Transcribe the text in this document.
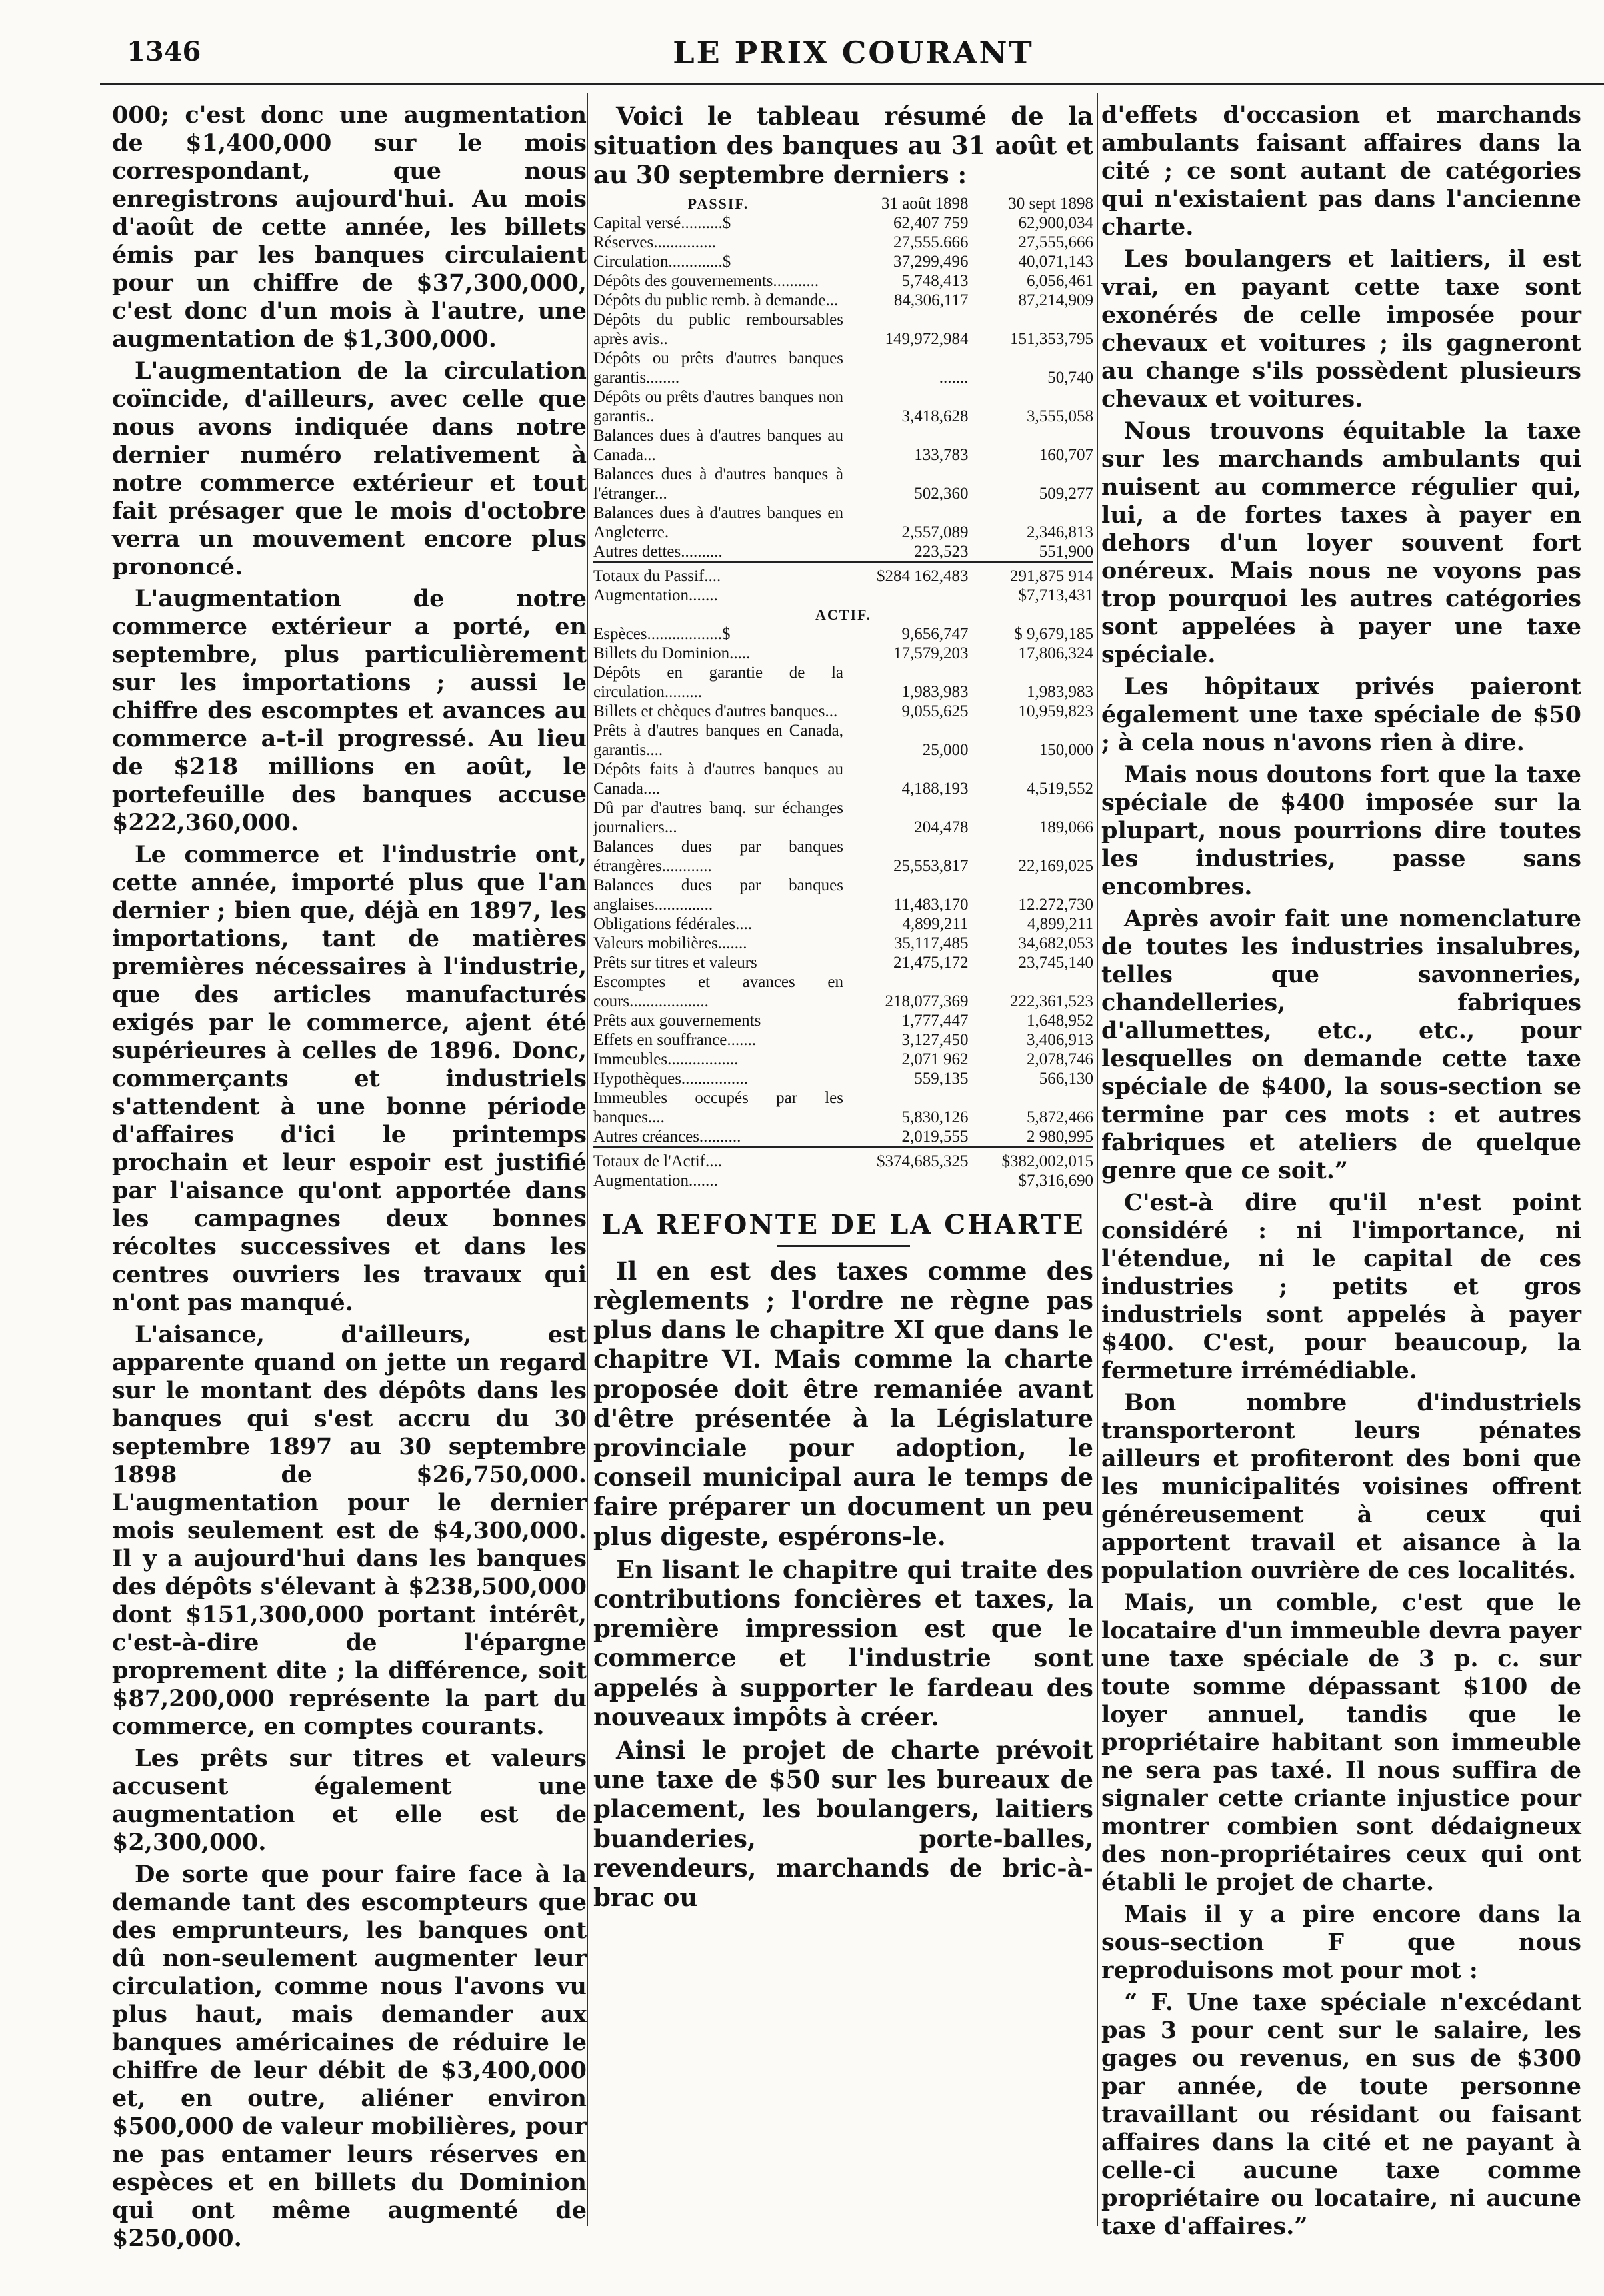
1346	LE PRIX COURANT

000; c'est donc une augmentation de $1,400,000 sur le mois correspondant, que nous enregistrons aujourd'hui. Au mois d'août de cette année, les billets émis par les banques circulaient pour un chiffre de $37,300,000, c'est donc d'un mois à l'autre, une augmentation de $1,300,000.

L'augmentation de la circulation coïncide, d'ailleurs, avec celle que nous avons indiquée dans notre dernier numéro relativement à notre commerce extérieur et tout fait présager que le mois d'octobre verra un mouvement encore plus prononcé.

L'augmentation de notre commerce extérieur a porté, en septembre, plus particulièrement sur les importations ; aussi le chiffre des escomptes et avances au commerce a-t-il progressé. Au lieu de $218 millions en août, le portefeuille des banques accuse $222,360,000.

Le commerce et l'industrie ont, cette année, importé plus que l'an dernier ; bien que, déjà en 1897, les importations, tant de matières premières nécessaires à l'industrie, que des articles manufacturés exigés par le commerce, ajent été supérieures à celles de 1896. Donc, commerçants et industriels s'attendent à une bonne période d'affaires d'ici le printemps prochain et leur espoir est justifié par l'aisance qu'ont apportée dans les campagnes deux bonnes récoltes successives et dans les centres ouvriers les travaux qui n'ont pas manqué.

L'aisance, d'ailleurs, est apparente quand on jette un regard sur le montant des dépôts dans les banques qui s'est accru du 30 septembre 1897 au 30 septembre 1898 de $26,750,000. L'augmentation pour le dernier mois seulement est de $4,300,000. Il y a aujourd'hui dans les banques des dépôts s'élevant à $238,500,000 dont $151,300,000 portant intérêt, c'est-à-dire de l'épargne proprement dite ; la différence, soit $87,200,000 représente la part du commerce, en comptes courants.

Les prêts sur titres et valeurs accusent également une augmentation et elle est de $2,300,000.

De sorte que pour faire face à la demande tant des escompteurs que des emprunteurs, les banques ont dû non-seulement augmenter leur circulation, comme nous l'avons vu plus haut, mais demander aux banques américaines de réduire le chiffre de leur débit de $3,400,000 et, en outre, aliéner environ $500,000 de valeur mobilières, pour ne pas entamer leurs réserves en espèces et en billets du Dominion qui ont même augmenté de $250,000.

Voici le tableau résumé de la situation des banques au 31 août et au 30 septembre derniers :

PASSIF.	31 août 1898	30 sept 1898
Capital versé..........$	62,407 759	62,900,034
Réserves...............	27,555.666	27,555,666
Circulation.............$	37,299,496	40,071,143
Dépôts des gouvernements...........	5,748,413	6,056,461
Dépôts du public remb. à demande...	84,306,117	87,214,909
Dépôts du public remboursables après avis..	149,972,984	151,353,795
Dépôts ou prêts d'autres banques garantis........	.......	50,740
Dépôts ou prêts d'autres banques non garantis..	3,418,628	3,555,058
Balances dues à d'autres banques au Canada...	133,783	160,707
Balances dues à d'autres banques à l'étranger...	502,360	509,277
Balances dues à d'autres banques en Angleterre.	2,557,089	2,346,813
Autres dettes..........	223,523	551,900

Totaux du Passif....	$284 162,483	291,875 914
Augmentation.......		$7,713,431
ACTIF.		
Espèces..................$	9,656,747	$ 9,679,185
Billets du Dominion.....	17,579,203	17,806,324
Dépôts en garantie de la circulation.........	1,983,983	1,983,983
Billets et chèques d'autres banques...	9,055,625	10,959,823
Prêts à d'autres banques en Canada, garantis....	25,000	150,000
Dépôts faits à d'autres banques au Canada....	4,188,193	4,519,552
Dû par d'autres banq. sur échanges journaliers...	204,478	189,066
Balances dues par banques étrangères............	25,553,817	22,169,025
Balances dues par banques anglaises..............	11,483,170	12.272,730
Obligations fédérales....	4,899,211	4,899,211
Valeurs mobilières.......	35,117,485	34,682,053
Prêts sur titres et valeurs	21,475,172	23,745,140
Escomptes et avances en cours...................	218,077,369	222,361,523
Prêts aux gouvernements	1,777,447	1,648,952
Effets en souffrance.......	3,127,450	3,406,913
Immeubles.................	2,071 962	2,078,746
Hypothèques................	559,135	566,130
Immeubles occupés par les banques....	5,830,126	5,872,466
Autres créances..........	2,019,555	2 980,995

Totaux de l'Actif....	$374,685,325	$382,002,015
Augmentation.......		$7,316,690
LA REFONTE DE LA CHARTE

Il en est des taxes comme des règlements ; l'ordre ne règne pas plus dans le chapitre XI que dans le chapitre VI. Mais comme la charte proposée doit être remaniée avant d'être présentée à la Législature provinciale pour adoption, le conseil municipal aura le temps de faire préparer un document un peu plus digeste, espérons-le.

En lisant le chapitre qui traite des contributions foncières et taxes, la première impression est que le commerce et l'industrie sont appelés à supporter le fardeau des nouveaux impôts à créer.

Ainsi le projet de charte prévoit une taxe de $50 sur les bureaux de placement, les boulangers, laitiers buanderies, porte-balles, revendeurs, marchands de bric-à-brac ou

d'effets d'occasion et marchands ambulants faisant affaires dans la cité ; ce sont autant de catégories qui n'existaient pas dans l'ancienne charte.

Les boulangers et laitiers, il est vrai, en payant cette taxe sont exonérés de celle imposée pour chevaux et voitures ; ils gagneront au change s'ils possèdent plusieurs chevaux et voitures.

Nous trouvons équitable la taxe sur les marchands ambulants qui nuisent au commerce régulier qui, lui, a de fortes taxes à payer en dehors d'un loyer souvent fort onéreux. Mais nous ne voyons pas trop pourquoi les autres catégories sont appelées à payer une taxe spéciale.

Les hôpitaux privés paieront également une taxe spéciale de $50 ; à cela nous n'avons rien à dire.

Mais nous doutons fort que la taxe spéciale de $400 imposée sur la plupart, nous pourrions dire toutes les industries, passe sans encombres.

Après avoir fait une nomenclature de toutes les industries insalubres, telles que savonneries, chandelleries, fabriques d'allumettes, etc., etc., pour lesquelles on demande cette taxe spéciale de $400, la sous-section se termine par ces mots : et autres fabriques et ateliers de quelque genre que ce soit.”

C'est-à dire qu'il n'est point considéré : ni l'importance, ni l'étendue, ni le capital de ces industries ; petits et gros industriels sont appelés à payer $400. C'est, pour beaucoup, la fermeture irrémédiable.

Bon nombre d'industriels transporteront leurs pénates ailleurs et profiteront des boni que les municipalités voisines offrent généreusement à ceux qui apportent travail et aisance à la population ouvrière de ces localités.

Mais, un comble, c'est que le locataire d'un immeuble devra payer une taxe spéciale de 3 p. c. sur toute somme dépassant $100 de loyer annuel, tandis que le propriétaire habitant son immeuble ne sera pas taxé. Il nous suffira de signaler cette criante injustice pour montrer combien sont dédaigneux des non-propriétaires ceux qui ont établi le projet de charte.

Mais il y a pire encore dans la sous-section F que nous reproduisons mot pour mot :

“ F. Une taxe spéciale n'excédant pas 3 pour cent sur le salaire, les gages ou revenus, en sus de $300 par année, de toute personne travaillant ou résidant ou faisant affaires dans la cité et ne payant à celle-ci aucune taxe comme propriétaire ou locataire, ni aucune taxe d'affaires.”
